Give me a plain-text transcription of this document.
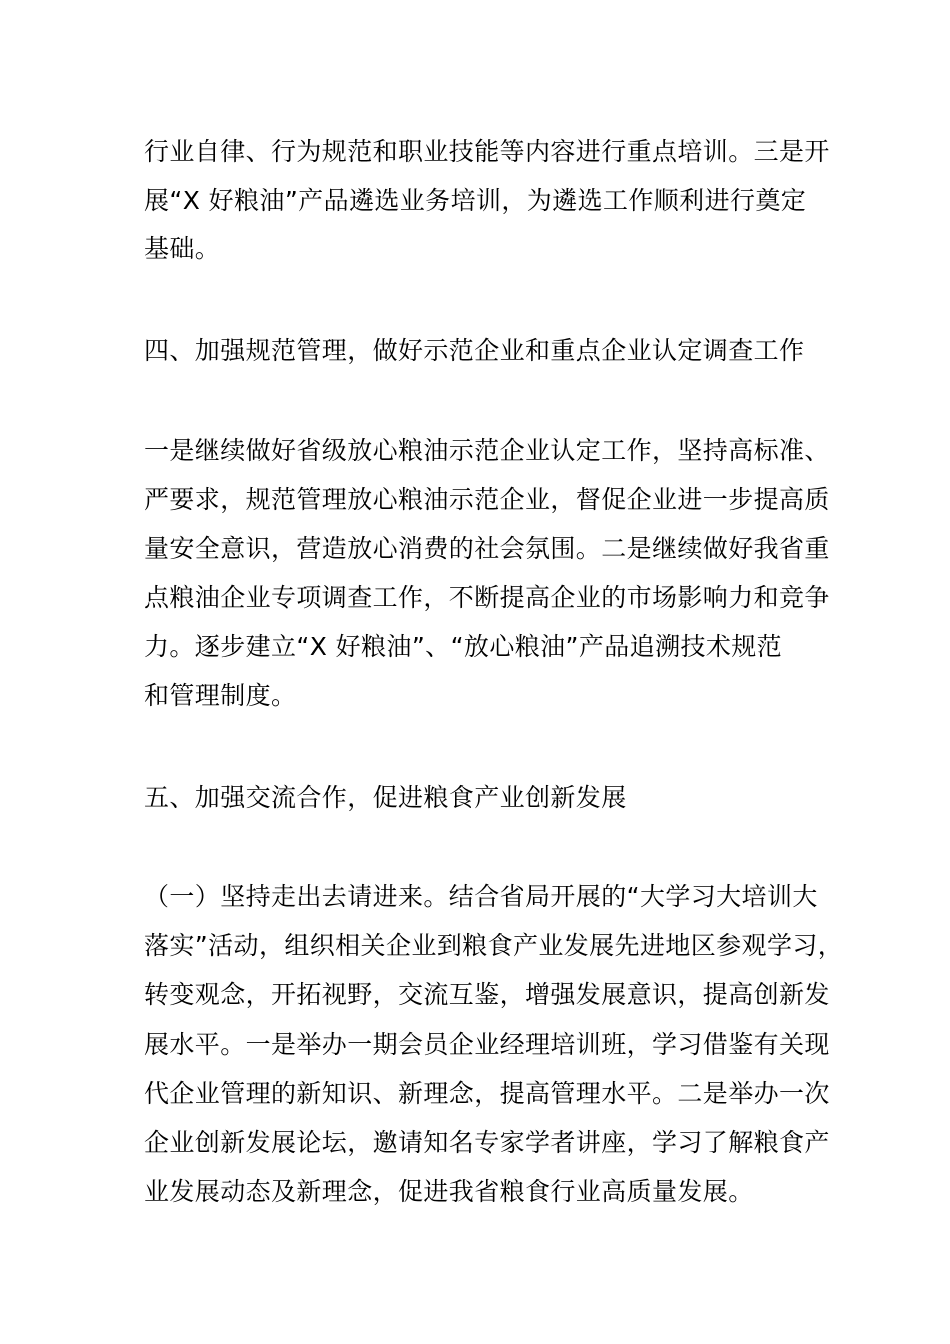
行业自律、行为规范和职业技能等内容进行重点培训。三是开
展“X 好粮油”产品遴选业务培训，为遴选工作顺利进行奠定
基础。
四、加强规范管理，做好示范企业和重点企业认定调查工作
一是继续做好省级放心粮油示范企业认定工作，坚持高标准、
严要求，规范管理放心粮油示范企业，督促企业进一步提高质
量安全意识，营造放心消费的社会氛围。二是继续做好我省重
点粮油企业专项调查工作，不断提高企业的市场影响力和竞争
力。逐步建立“X 好粮油”、“放心粮油”产品追溯技术规范
和管理制度。
五、加强交流合作，促进粮食产业创新发展
（一）坚持走出去请进来。结合省局开展的“大学习大培训大
落实”活动，组织相关企业到粮食产业发展先进地区参观学习，
转变观念，开拓视野，交流互鉴，增强发展意识，提高创新发
展水平。一是举办一期会员企业经理培训班，学习借鉴有关现
代企业管理的新知识、新理念，提高管理水平。二是举办一次
企业创新发展论坛，邀请知名专家学者讲座，学习了解粮食产
业发展动态及新理念，促进我省粮食行业高质量发展。
